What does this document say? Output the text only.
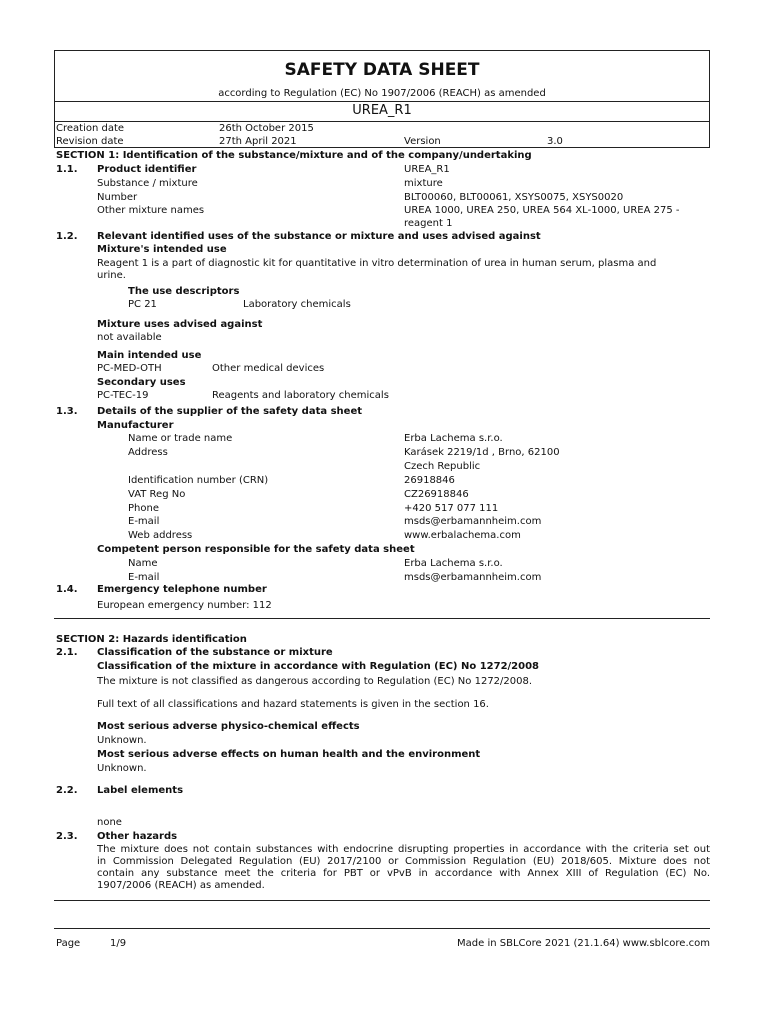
SAFETY DATA SHEET
according to Regulation (EC) No 1907/2006 (REACH) as amended
UREA_R1
Creation date	26th October 2015
Revision date	27th April 2021	Version	3.0
SECTION 1: Identification of the substance/mixture and of the company/undertaking
1.1. Product identifier	UREA_R1
Substance / mixture	mixture
Number	BLT00060, BLT00061, XSYS0075, XSYS0020
Other mixture names	UREA 1000, UREA 250, UREA 564 XL-1000, UREA 275 -
reagent 1
1.2. Relevant identified uses of the substance or mixture and uses advised against
Mixture's intended use
Reagent 1 is a part of diagnostic kit for quantitative in vitro determination of urea in human serum, plasma and
urine.
The use descriptors
PC 21	Laboratory chemicals
Mixture uses advised against
not available
Main intended use
PC-MED-OTH	Other medical devices
Secondary uses
PC-TEC-19	Reagents and laboratory chemicals
1.3. Details of the supplier of the safety data sheet
Manufacturer
Name or trade name	Erba Lachema s.r.o.
Address	Karásek 2219/1d , Brno, 62100
Czech Republic
Identification number (CRN)	26918846
VAT Reg No	CZ26918846
Phone	+420 517 077 111
E-mail	msds@erbamannheim.com
Web address	www.erbalachema.com
Competent person responsible for the safety data sheet
Name	Erba Lachema s.r.o.
E-mail	msds@erbamannheim.com
1.4. Emergency telephone number
European emergency number: 112
SECTION 2: Hazards identification
2.1. Classification of the substance or mixture
Classification of the mixture in accordance with Regulation (EC) No 1272/2008
The mixture is not classified as dangerous according to Regulation (EC) No 1272/2008.
Full text of all classifications and hazard statements is given in the section 16.
Most serious adverse physico-chemical effects
Unknown.
Most serious adverse effects on human health and the environment
Unknown.
2.2. Label elements
none
2.3. Other hazards
The mixture does not contain substances with endocrine disrupting properties in accordance with the criteria set out
in Commission Delegated Regulation (EU) 2017/2100 or Commission Regulation (EU) 2018/605. Mixture does not
contain any substance meet the criteria for PBT or vPvB in accordance with Annex XIII of Regulation (EC) No.
1907/2006 (REACH) as amended.
Page	1/9	Made in SBLCore 2021 (21.1.64) www.sblcore.com
